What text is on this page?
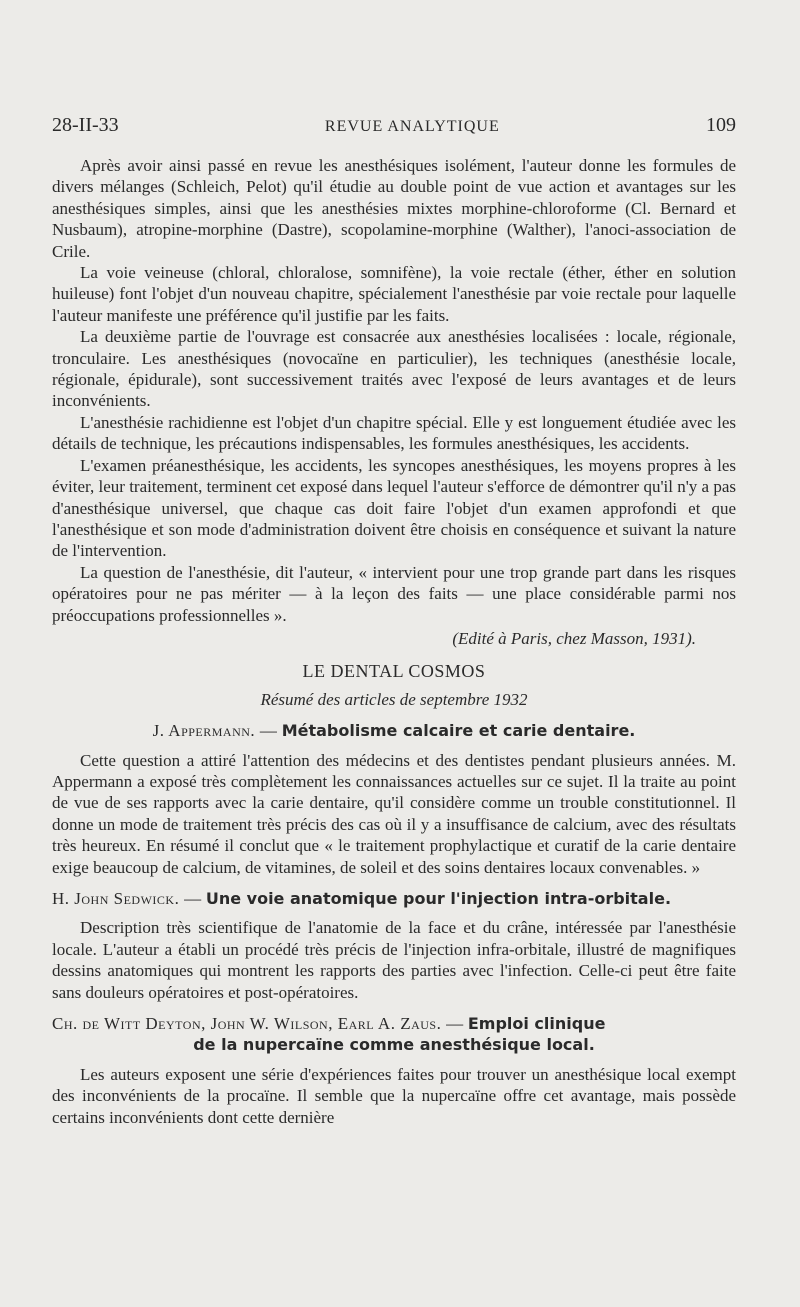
28-II-33	REVUE ANALYTIQUE	109

Après avoir ainsi passé en revue les anesthésiques isolément, l'auteur donne les formules de divers mélanges (Schleich, Pelot) qu'il étudie au double point de vue action et avantages sur les anesthésiques simples, ainsi que les anesthésies mixtes morphine-chloroforme (Cl. Bernard et Nusbaum), atropine-morphine (Dastre), scopolamine-morphine (Walther), l'anoci-association de Crile.

La voie veineuse (chloral, chloralose, somnifène), la voie rectale (éther, éther en solution huileuse) font l'objet d'un nouveau chapitre, spécialement l'anesthésie par voie rectale pour laquelle l'auteur manifeste une préférence qu'il justifie par les faits.

La deuxième partie de l'ouvrage est consacrée aux anesthésies localisées : locale, régionale, tronculaire. Les anesthésiques (novocaïne en particulier), les techniques (anesthésie locale, régionale, épidurale), sont successivement traités avec l'exposé de leurs avantages et de leurs inconvénients.

L'anesthésie rachidienne est l'objet d'un chapitre spécial. Elle y est longuement étudiée avec les détails de technique, les précautions indispensables, les formules anesthésiques, les accidents.

L'examen préanesthésique, les accidents, les syncopes anesthésiques, les moyens propres à les éviter, leur traitement, terminent cet exposé dans lequel l'auteur s'efforce de démontrer qu'il n'y a pas d'anesthésique universel, que chaque cas doit faire l'objet d'un examen approfondi et que l'anesthésique et son mode d'administration doivent être choisis en conséquence et suivant la nature de l'intervention.

La question de l'anesthésie, dit l'auteur, « intervient pour une trop grande part dans les risques opératoires pour ne pas mériter — à la leçon des faits — une place considérable parmi nos préoccupations professionnelles ».

(Edité à Paris, chez Masson, 1931).

LE DENTAL COSMOS

Résumé des articles de septembre 1932

J. Appermann. — Métabolisme calcaire et carie dentaire.

Cette question a attiré l'attention des médecins et des dentistes pendant plusieurs années. M. Appermann a exposé très complètement les connaissances actuelles sur ce sujet. Il la traite au point de vue de ses rapports avec la carie dentaire, qu'il considère comme un trouble constitutionnel. Il donne un mode de traitement très précis des cas où il y a insuffisance de calcium, avec des résultats très heureux. En résumé il conclut que « le traitement prophylactique et curatif de la carie dentaire exige beaucoup de calcium, de vitamines, de soleil et des soins dentaires locaux convenables. »

H. John Sedwick. — Une voie anatomique pour l'injection intra-orbitale.

Description très scientifique de l'anatomie de la face et du crâne, intéressée par l'anesthésie locale. L'auteur a établi un procédé très précis de l'injection infra-orbitale, illustré de magnifiques dessins anatomiques qui montrent les rapports des parties avec l'infection. Celle-ci peut être faite sans douleurs opératoires et post-opératoires.

Ch. de Witt Deyton, John W. Wilson, Earl A. Zaus. — Emploi clinique

de la nupercaïne comme anesthésique local.

Les auteurs exposent une série d'expériences faites pour trouver un anesthésique local exempt des inconvénients de la procaïne. Il semble que la nupercaïne offre cet avantage, mais possède certains inconvénients dont cette dernière
